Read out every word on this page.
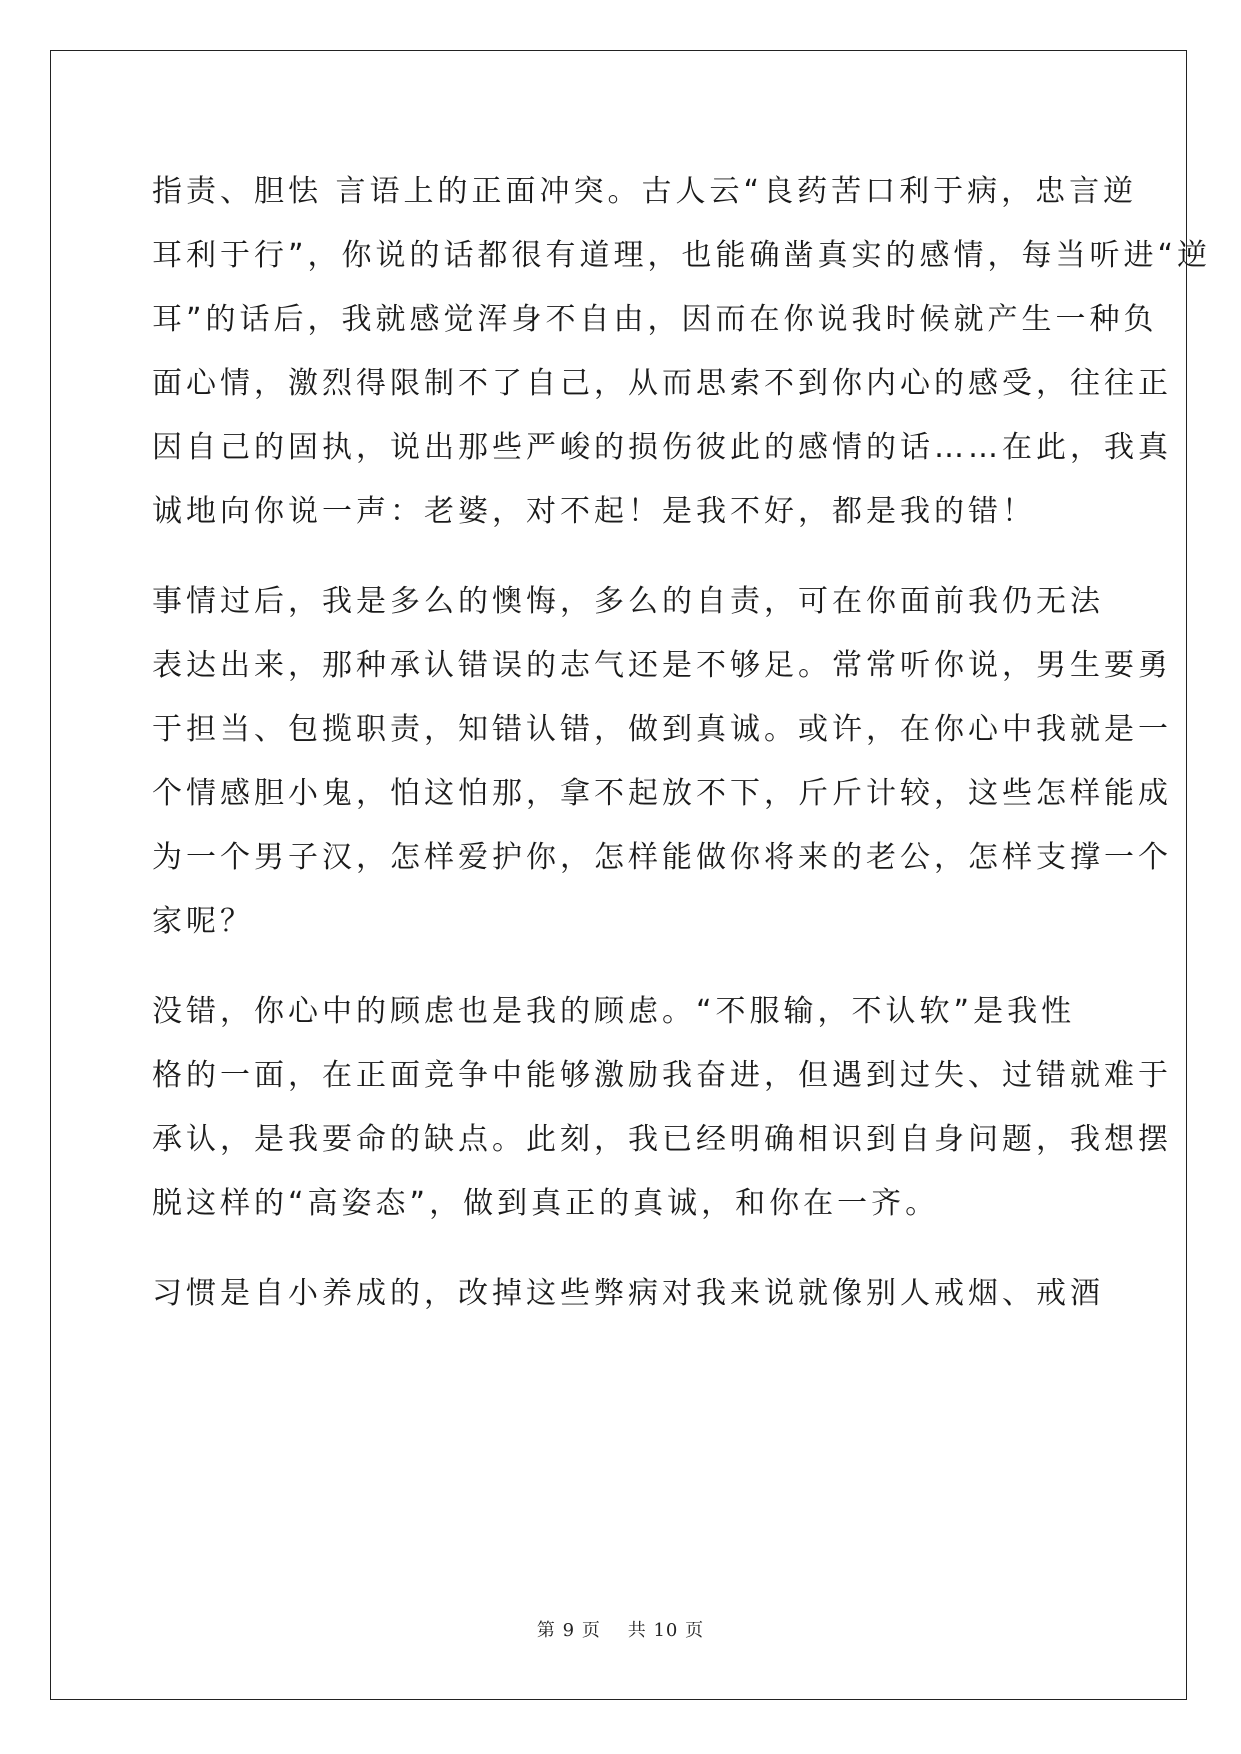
指责、胆怯 言语上的正面冲突。古人云“良药苦口利于病，忠言逆
耳利于行”，你说的话都很有道理，也能确凿真实的感情，每当听进“逆
耳”的话后，我就感觉浑身不自由，因而在你说我时候就产生一种负
面心情，激烈得限制不了自己，从而思索不到你内心的感受，往往正
因自己的固执，说出那些严峻的损伤彼此的感情的话……在此，我真
诚地向你说一声：老婆，对不起！是我不好，都是我的错！
事情过后，我是多么的懊悔，多么的自责，可在你面前我仍无法
表达出来，那种承认错误的志气还是不够足。常常听你说，男生要勇
于担当、包揽职责，知错认错，做到真诚。或许，在你心中我就是一
个情感胆小鬼，怕这怕那，拿不起放不下，斤斤计较，这些怎样能成
为一个男子汉，怎样爱护你，怎样能做你将来的老公，怎样支撑一个
家呢？
没错，你心中的顾虑也是我的顾虑。“不服输，不认软”是我性
格的一面，在正面竞争中能够激励我奋进，但遇到过失、过错就难于
承认，是我要命的缺点。此刻，我已经明确相识到自身问题，我想摆
脱这样的“高姿态”，做到真正的真诚，和你在一齐。
习惯是自小养成的，改掉这些弊病对我来说就像别人戒烟、戒酒
第 9 页 共 10 页
